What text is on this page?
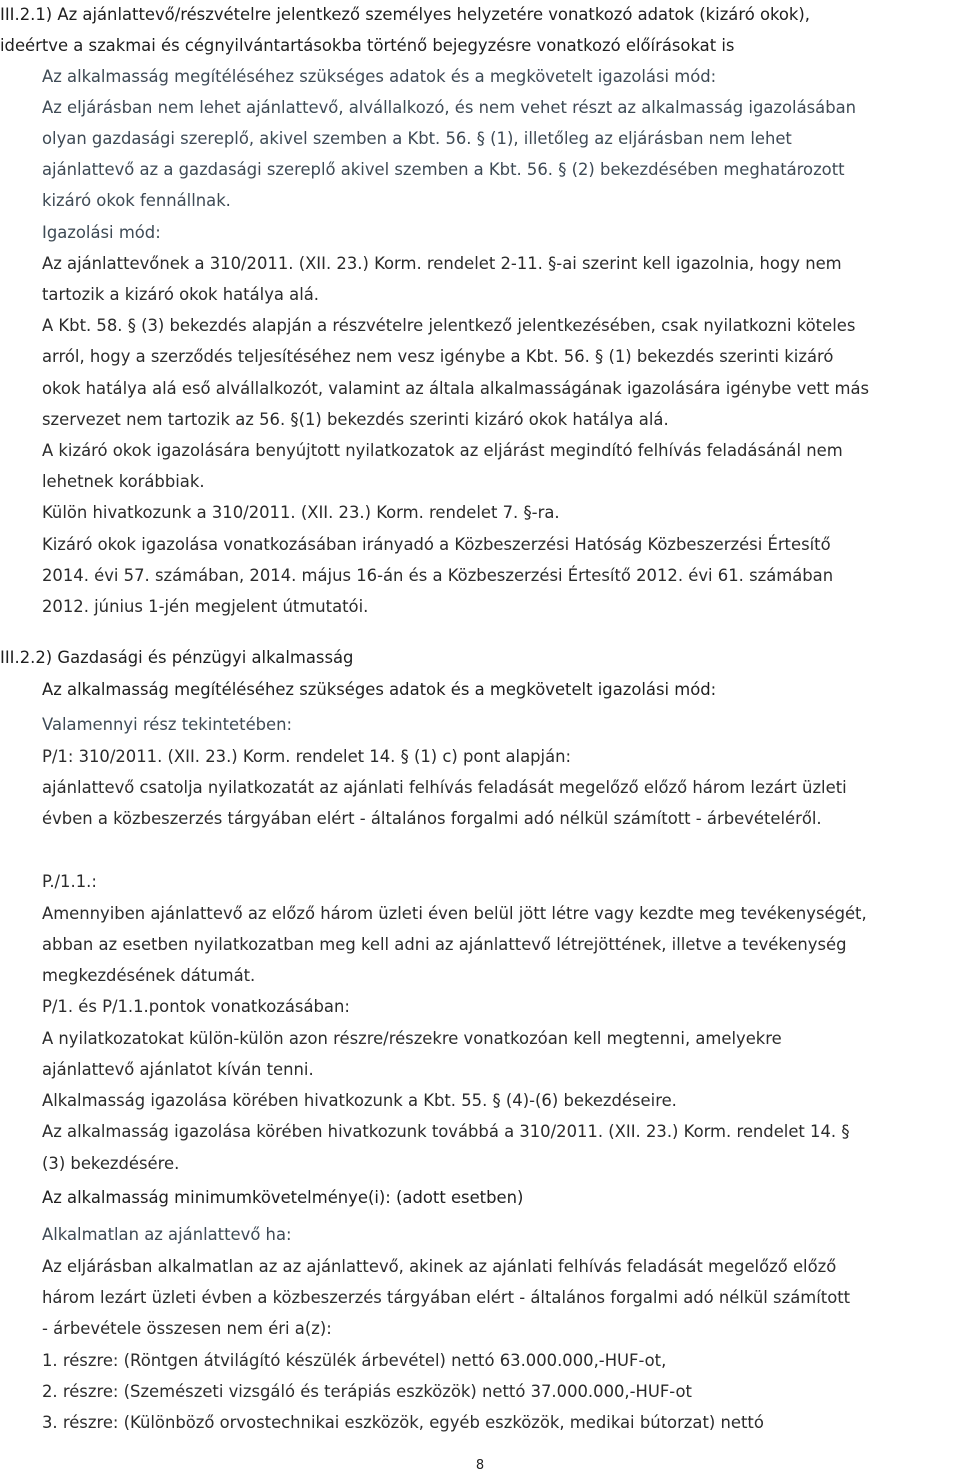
III.2.1) Az ajánlattevő/részvételre jelentkező személyes helyzetére vonatkozó adatok (kizáró okok),
ideértve a szakmai és cégnyilvántartásokba történő bejegyzésre vonatkozó előírásokat is
Az alkalmasság megítéléséhez szükséges adatok és a megkövetelt igazolási mód:
Az eljárásban nem lehet ajánlattevő, alvállalkozó, és nem vehet részt az alkalmasság igazolásában
olyan gazdasági szereplő, akivel szemben a Kbt. 56. § (1), illetőleg az eljárásban nem lehet
ajánlattevő az a gazdasági szereplő akivel szemben a Kbt. 56. § (2) bekezdésében meghatározott
kizáró okok fennállnak.
Igazolási mód:
Az ajánlattevőnek a 310/2011. (XII. 23.) Korm. rendelet 2-11. §-ai szerint kell igazolnia, hogy nem
tartozik a kizáró okok hatálya alá.
A Kbt. 58. § (3) bekezdés alapján a részvételre jelentkező jelentkezésében, csak nyilatkozni köteles
arról, hogy a szerződés teljesítéséhez nem vesz igénybe a Kbt. 56. § (1) bekezdés szerinti kizáró
okok hatálya alá eső alvállalkozót, valamint az általa alkalmasságának igazolására igénybe vett más
szervezet nem tartozik az 56. §(1) bekezdés szerinti kizáró okok hatálya alá.
A kizáró okok igazolására benyújtott nyilatkozatok az eljárást megindító felhívás feladásánál nem
lehetnek korábbiak.
Külön hivatkozunk a 310/2011. (XII. 23.) Korm. rendelet 7. §-ra.
Kizáró okok igazolása vonatkozásában irányadó a Közbeszerzési Hatóság Közbeszerzési Értesítő
2014. évi 57. számában, 2014. május 16-án és a Közbeszerzési Értesítő 2012. évi 61. számában
2012. június 1-jén megjelent útmutatói.
III.2.2) Gazdasági és pénzügyi alkalmasság
Az alkalmasság megítéléséhez szükséges adatok és a megkövetelt igazolási mód:
Valamennyi rész tekintetében:
P/1: 310/2011. (XII. 23.) Korm. rendelet 14. § (1) c) pont alapján:
ajánlattevő csatolja nyilatkozatát az ajánlati felhívás feladását megelőző előző három lezárt üzleti
évben a közbeszerzés tárgyában elért - általános forgalmi adó nélkül számított - árbevételéről.
P./1.1.:
Amennyiben ajánlattevő az előző három üzleti éven belül jött létre vagy kezdte meg tevékenységét,
abban az esetben nyilatkozatban meg kell adni az ajánlattevő létrejöttének, illetve a tevékenység
megkezdésének dátumát.
P/1. és P/1.1.pontok vonatkozásában:
A nyilatkozatokat külön-külön azon részre/részekre vonatkozóan kell megtenni, amelyekre
ajánlattevő ajánlatot kíván tenni.
Alkalmasság igazolása körében hivatkozunk a Kbt. 55. § (4)-(6) bekezdéseire.
Az alkalmasság igazolása körében hivatkozunk továbbá a 310/2011. (XII. 23.) Korm. rendelet 14. §
(3) bekezdésére.
Az alkalmasság minimumkövetelménye(i): (adott esetben)
Alkalmatlan az ajánlattevő ha:
Az eljárásban alkalmatlan az az ajánlattevő, akinek az ajánlati felhívás feladását megelőző előző
három lezárt üzleti évben a közbeszerzés tárgyában elért - általános forgalmi adó nélkül számított
- árbevétele összesen nem éri a(z):
1. részre: (Röntgen átvilágító készülék árbevétel) nettó 63.000.000,-HUF-ot,
2. részre: (Szemészeti vizsgáló és terápiás eszközök) nettó 37.000.000,-HUF-ot
3. részre: (Különböző orvostechnikai eszközök, egyéb eszközök, medikai bútorzat) nettó
8
